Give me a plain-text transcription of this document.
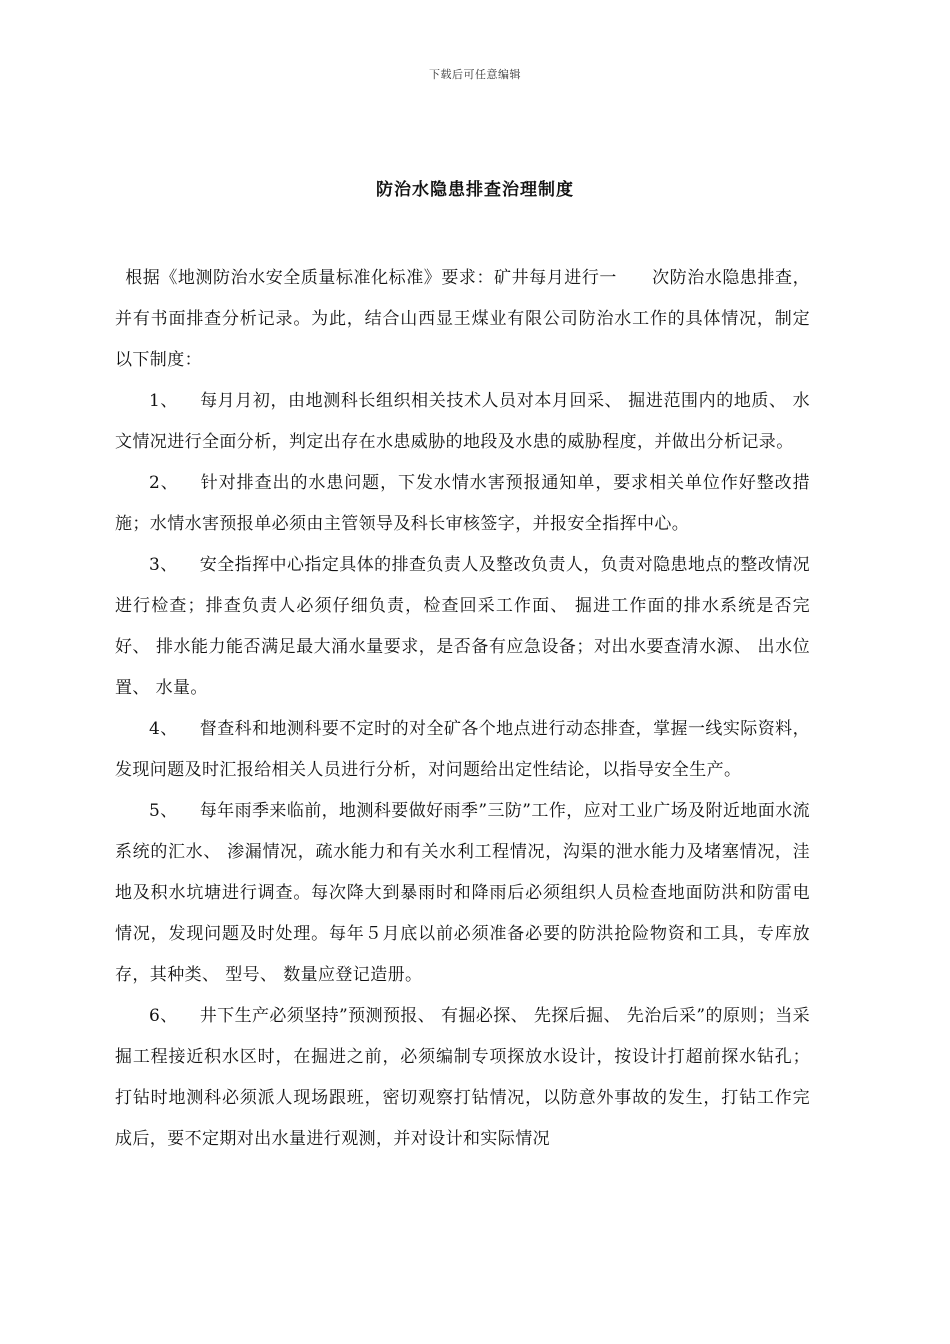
下载后可任意编辑
防治水隐患排查治理制度

根据《地测防治水安全质量标准化标准》要求：矿井每月进行一　　次防治水隐患排查，并有书面排查分析记录。为此，结合山西显王煤业有限公司防治水工作的具体情况，制定以下制度：

1、 每月月初，由地测科长组织相关技术人员对本月回采、 掘进范围内的地质、 水文情况进行全面分析，判定出存在水患威胁的地段及水患的威胁程度，并做出分析记录。

2、 针对排查出的水患问题，下发水情水害预报通知单，要求相关单位作好整改措施；水情水害预报单必须由主管领导及科长审核签字，并报安全指挥中心。

3、 安全指挥中心指定具体的排查负责人及整改负责人，负责对隐患地点的整改情况进行检查；排查负责人必须仔细负责，检查回采工作面、 掘进工作面的排水系统是否完好、 排水能力能否满足最大涌水量要求，是否备有应急设备；对出水要查清水源、 出水位置、 水量。

4、 督查科和地测科要不定时的对全矿各个地点进行动态排查，掌握一线实际资料，发现问题及时汇报给相关人员进行分析，对问题给出定性结论，以指导安全生产。

5、 每年雨季来临前，地测科要做好雨季”三防”工作，应对工业广场及附近地面水流系统的汇水、 渗漏情况，疏水能力和有关水利工程情况，沟渠的泄水能力及堵塞情况，洼地及积水坑塘进行调查。每次降大到暴雨时和降雨后必须组织人员检查地面防洪和防雷电情况，发现问题及时处理。每年５月底以前必须准备必要的防洪抢险物资和工具，专库放存，其种类、 型号、 数量应登记造册。

6、 井下生产必须坚持”预测预报、 有掘必探、 先探后掘、 先治后采”的原则；当采掘工程接近积水区时，在掘进之前，必须编制专项探放水设计，按设计打超前探水钻孔；打钻时地测科必须派人现场跟班，密切观察打钻情况，以防意外事故的发生，打钻工作完成后，要不定期对出水量进行观测，并对设计和实际情况
